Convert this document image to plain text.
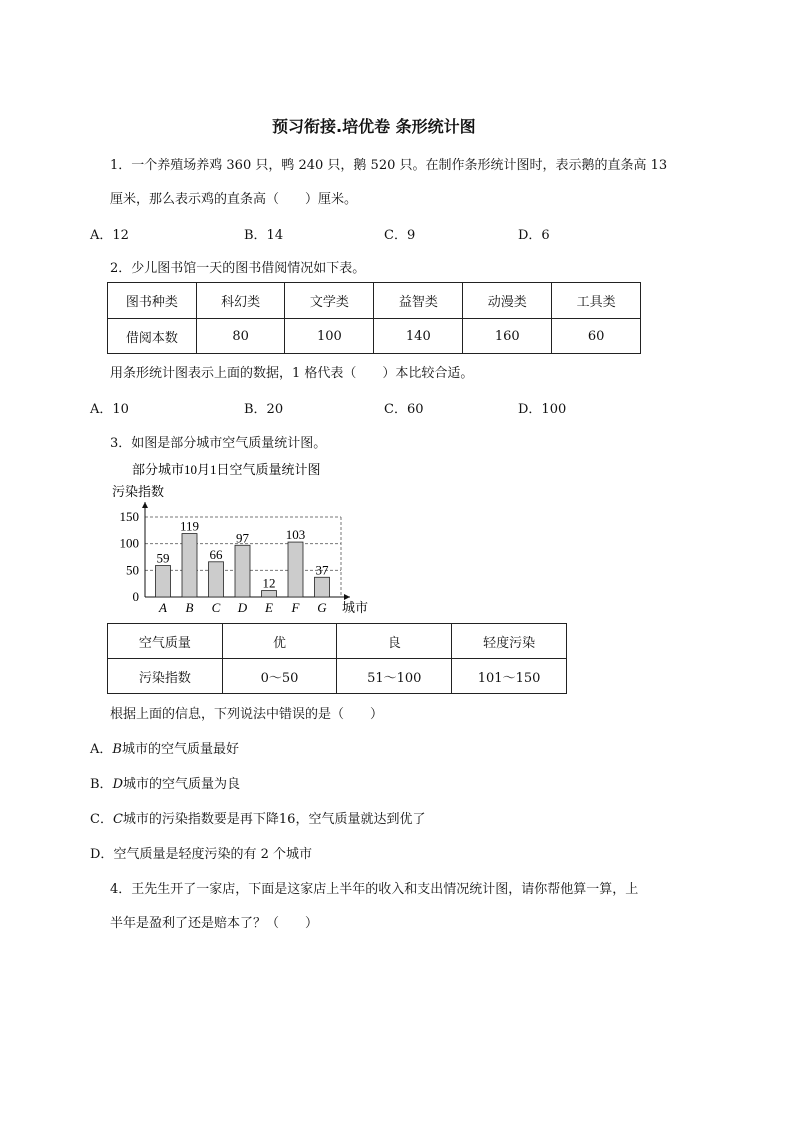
预习衔接.培优卷 条形统计图
1．一个养殖场养鸡 360 只，鸭 240 只，鹅 520 只。在制作条形统计图时，表示鹅的直条高 13
厘米，那么表示鸡的直条高（　　）厘米。
A．12	B．14	C．9	D．6
2．少儿图书馆一天的图书借阅情况如下表。
图书种类	科幻类	文学类	益智类	动漫类	工具类
借阅本数	80	100	140	160	60
用条形统计图表示上面的数据，1 格代表（　　）本比较合适。
A．10	B．20	C．60	D．100
3．如图是部分城市空气质量统计图。
部分城市10月1日空气质量统计图
污染指数
城市
0
50
100
150
59
A
119
B
66
C
97
D
12
E
103
F
37
G
空气质量	优	良	轻度污染
污染指数	0～50	51～100	101～150
根据上面的信息，下列说法中错误的是（　　）
A．B城市的空气质量最好
B．D城市的空气质量为良
C．C城市的污染指数要是再下降16，空气质量就达到优了
D．空气质量是轻度污染的有 2 个城市
4．王先生开了一家店，下面是这家店上半年的收入和支出情况统计图，请你帮他算一算，上
半年是盈利了还是赔本了？（　　）
